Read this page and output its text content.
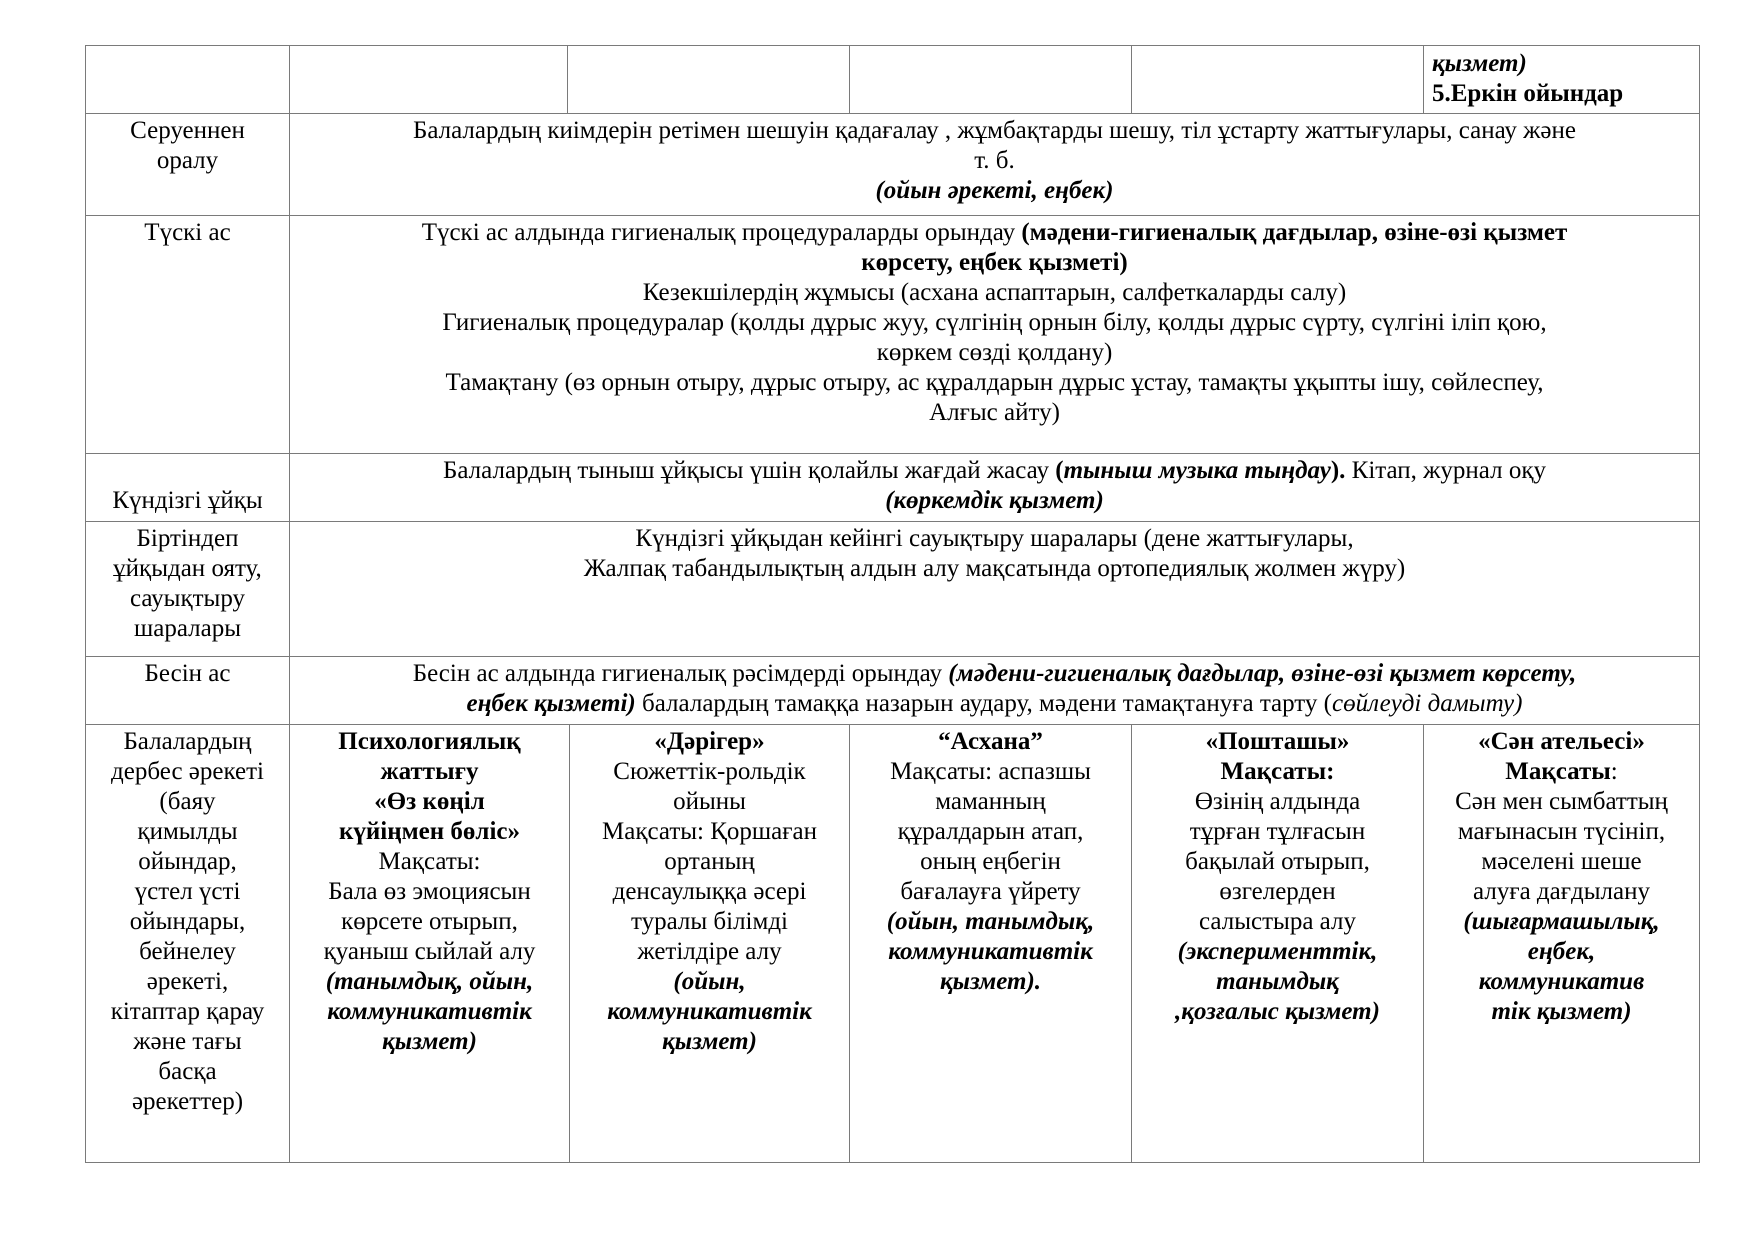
қызмет)
5.Еркін ойындар
Серуеннен
оралу
Балалардың киімдерін ретімен шешуін қадағалау , жұмбақтарды шешу, тіл ұстарту жаттығулары, санау және
т. б.
(ойын әрекеті, еңбек)
Түскі ас	Түскі ас алдында гигиеналық процедураларды орындау (мәдени-гигиеналық дағдылар, өзіне-өзі қызмет
көрсету, еңбек қызметі)
Кезекшілердің жұмысы (асхана аспаптарын, салфеткаларды салу)
Гигиеналық процедуралар (қолды дұрыс жуу, сүлгінің орнын білу, қолды дұрыс сүрту, сүлгіні іліп қою,
көркем сөзді қолдану)
Тамақтану (өз орнын отыру, дұрыс отыру, ас құралдарын дұрыс ұстау, тамақты ұқыпты ішу, сөйлеспеу,
Алғыс айту)
Күндізгі ұйқы
Балалардың тыныш ұйқысы үшін қолайлы жағдай жасау (тыныш музыка тыңдау). Кітап, журнал оқу
(көркемдік қызмет)
Біртіндеп
ұйқыдан ояту,
сауықтыру
шаралары
Күндізгі ұйқыдан кейінгі сауықтыру шаралары (дене жаттығулары,
Жалпақ табандылықтың алдын алу мақсатында ортопедиялық жолмен жүру)
Бесін ас	Бесін ас алдында гигиеналық рәсімдерді орындау (мәдени-гигиеналық дағдылар, өзіне-өзі қызмет көрсету,
еңбек қызметі) балалардың тамаққа назарын аудару, мәдени тамақтануға тарту (сөйлеуді дамыту)
Балалардың
дербес әрекеті
(баяу
қимылды
ойындар,
үстел үсті
ойындары,
бейнелеу
әрекеті,
кітаптар қарау
және тағы
басқа
әрекеттер)
Психологиялық
жаттығу
«Өз көңіл
күйіңмен бөліс»
Мақсаты:
Бала өз эмоциясын
көрсете отырып,
қуаныш сыйлай алу
(танымдық, ойын,
коммуникативтік
қызмет)
«Дәрігер»
Сюжеттік-рольдік
ойыны
Мақсаты: Қоршаған
ортаның
денсаулыққа әсері
туралы білімді
жетілдіре алу
(ойын,
коммуникативтік
қызмет)
“Асхана”
Мақсаты: аспазшы
маманның
құралдарын атап,
оның еңбегін
бағалауға үйрету
(ойын, танымдық,
коммуникативтік
қызмет).
«Пошташы»
Мақсаты:
Өзінің алдында
тұрған тұлғасын
бақылай отырып,
өзгелерден
салыстыра алу
(эксперименттік,
танымдық
,қозғалыс қызмет)
«Сән ательесі»
Мақсаты:
Сән мен сымбаттың
мағынасын түсініп,
мәселені шеше
алуға дағдылану
(шығармашылық,
еңбек,
коммуникатив
тік қызмет)
